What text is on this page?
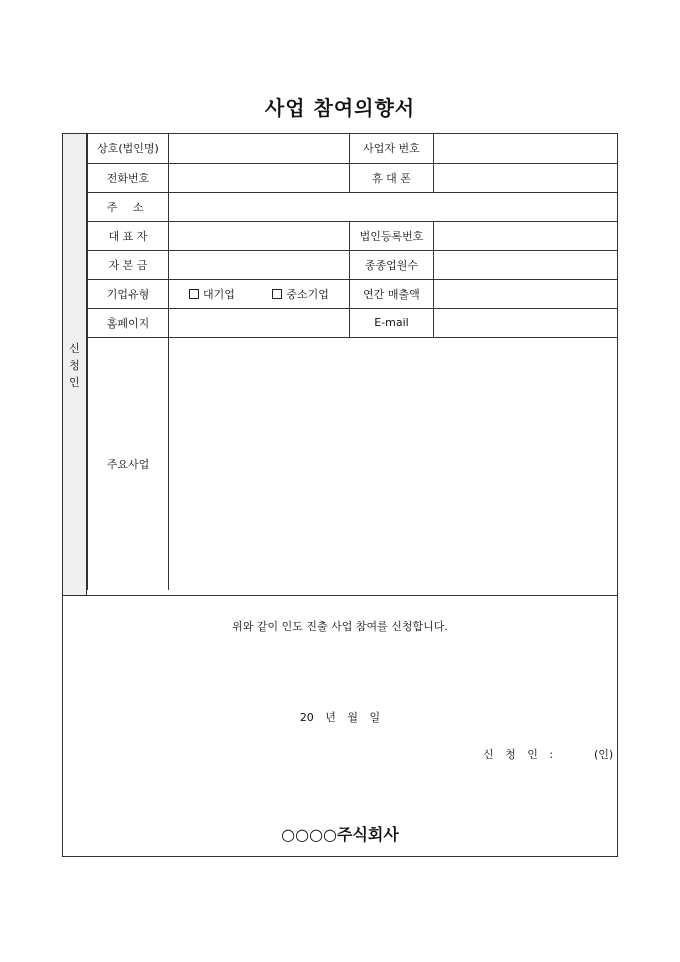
사업 참여의향서
신
청
인
상호(법인명)		사업자 번호	
전화번호		휴 대 폰	
주 소			
대 표 자		법인등록번호	
자 본 금		종종업원수	
기업유형	대기업 중소기업	연간 매출액	
홈페이지		E-mail	
주요사업			
위와 같이 인도 진출 사업 참여를 신청합니다.
20 년 월 일
신 청 인 :	(인)
○○○○주식회사
